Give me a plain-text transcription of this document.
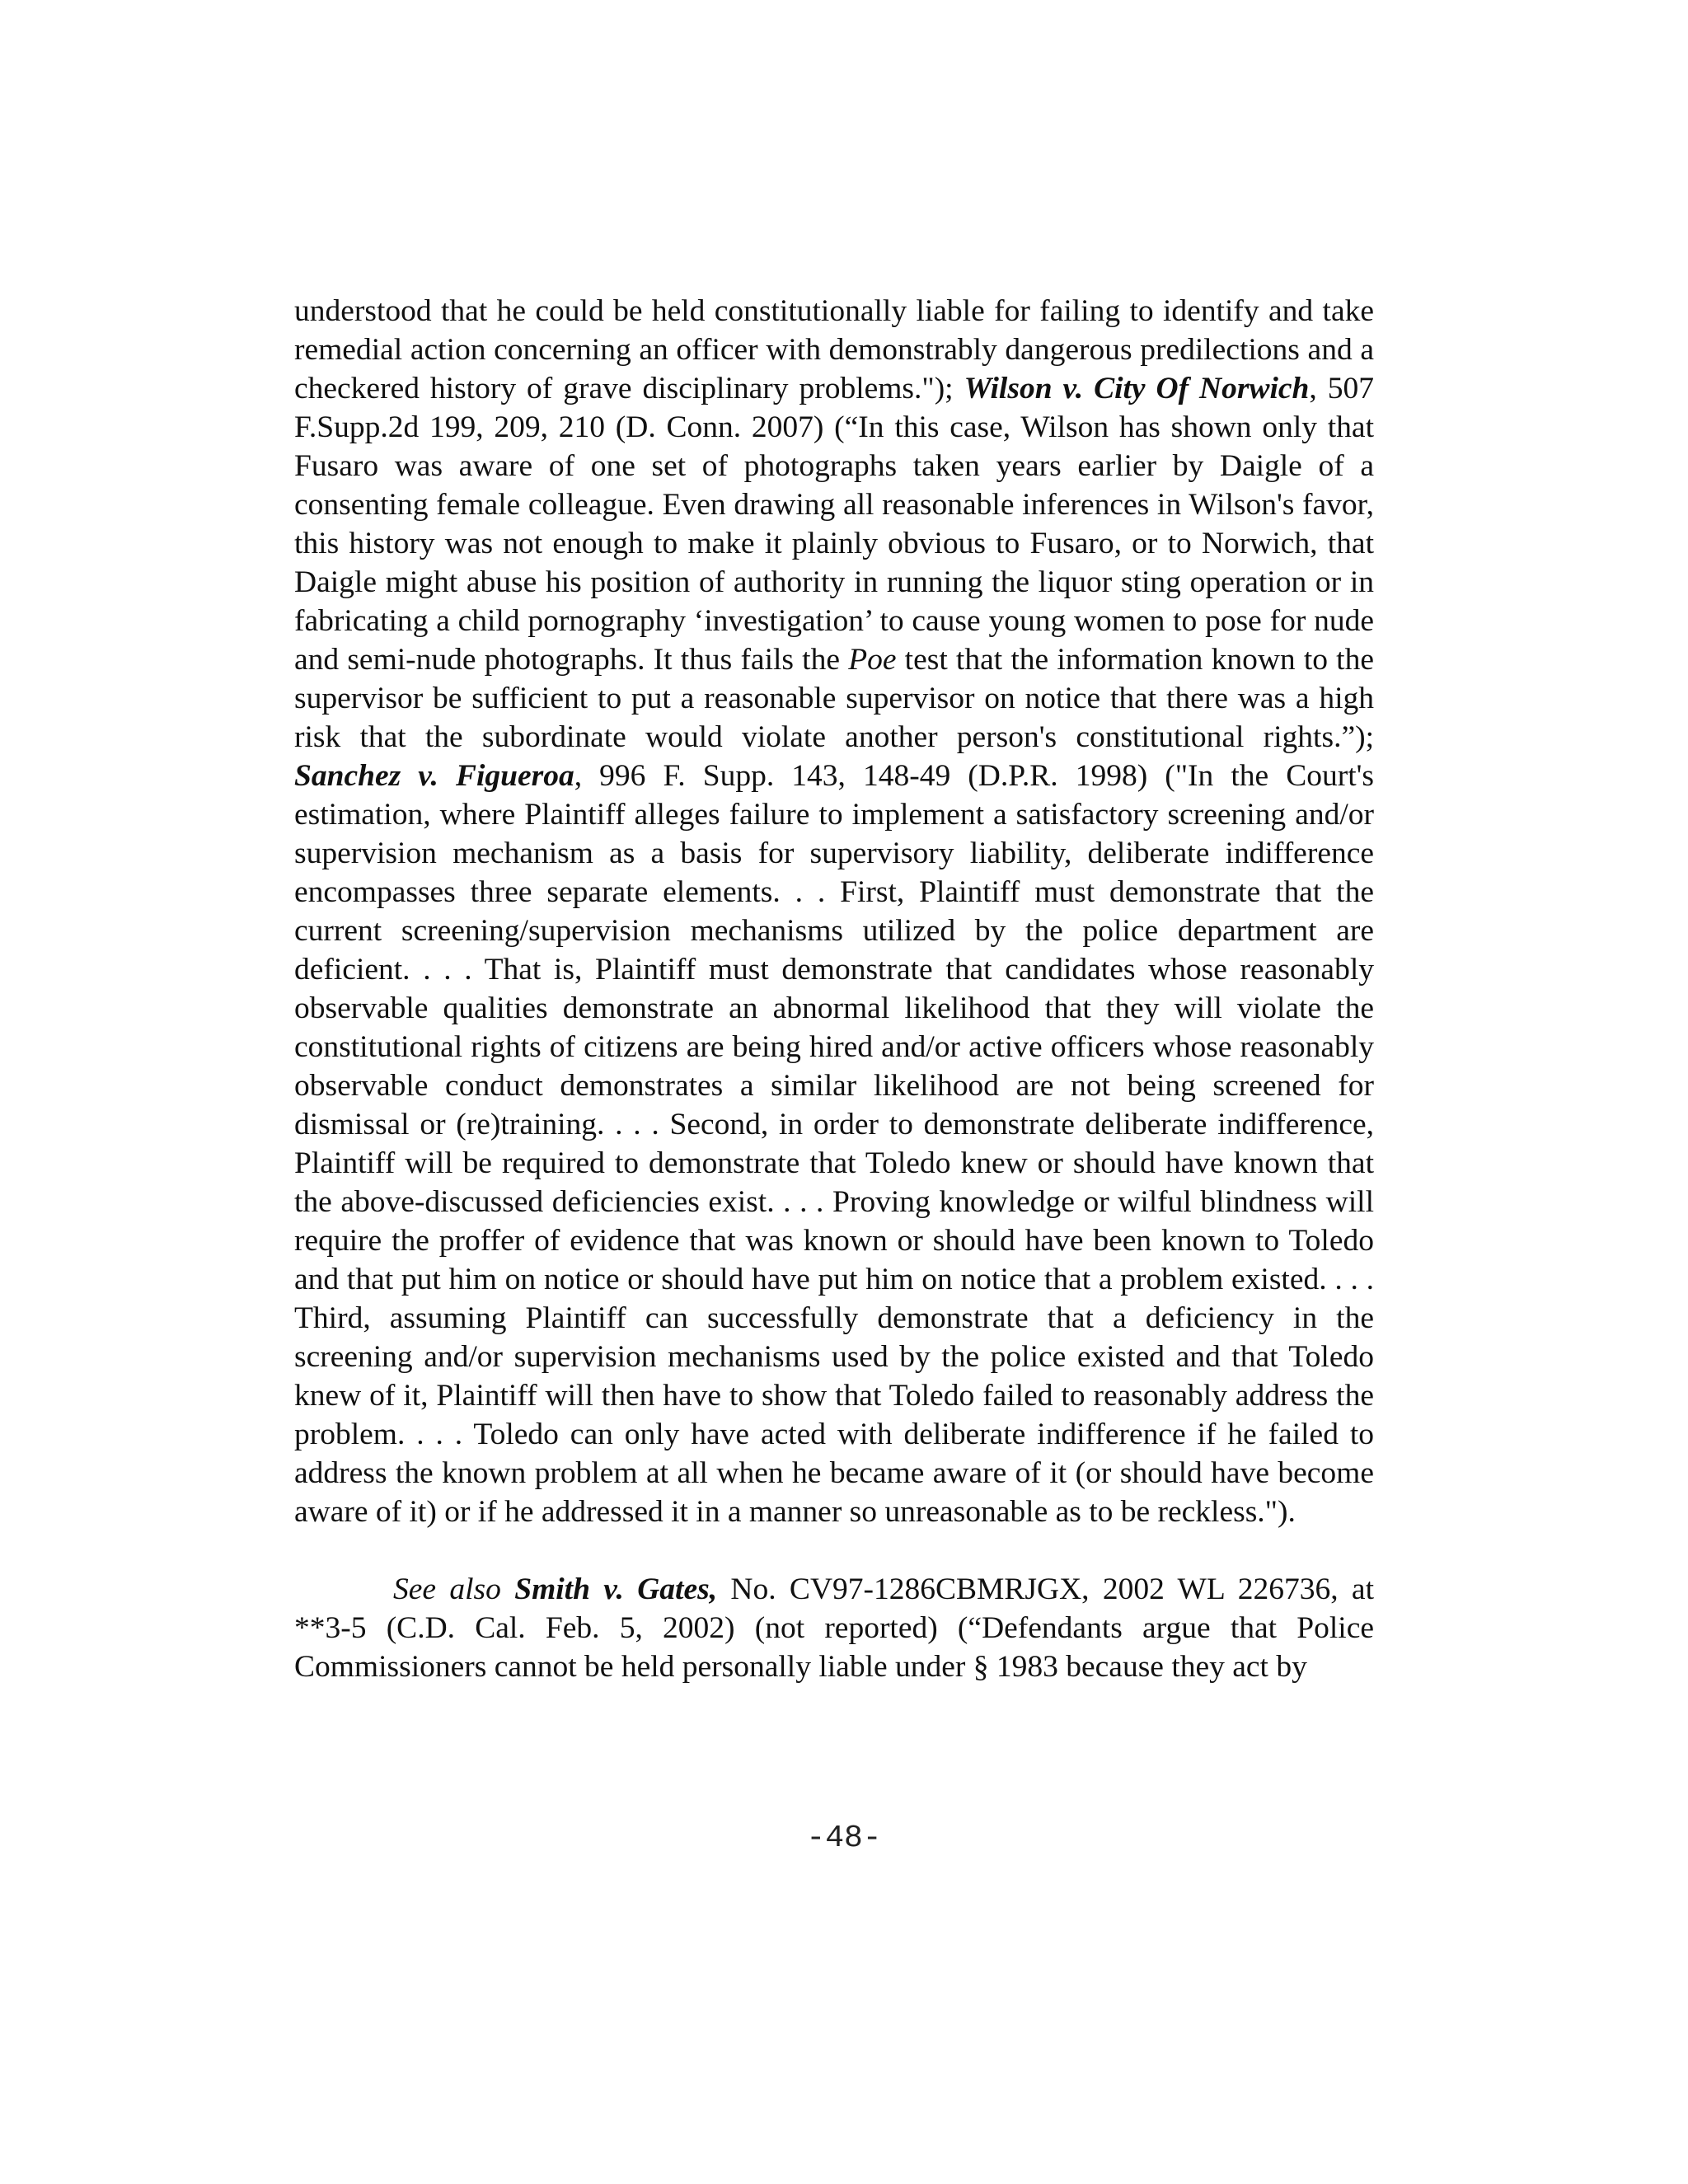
understood that he could be held constitutionally liable for failing to identify and take remedial action concerning an officer with demonstrably dangerous predilections and a checkered history of grave disciplinary problems."); Wilson v. City Of Norwich, 507 F.Supp.2d 199, 209, 210 (D. Conn. 2007) (“In this case, Wilson has shown only that Fusaro was aware of one set of photographs taken years earlier by Daigle of a consenting female colleague. Even drawing all reasonable inferences in Wilson's favor, this history was not enough to make it plainly obvious to Fusaro, or to Norwich, that Daigle might abuse his position of authority in running the liquor sting operation or in fabricating a child pornography ‘investigation’ to cause young women to pose for nude and semi-nude photographs. It thus fails the Poe test that the information known to the supervisor be sufficient to put a reasonable supervisor on notice that there was a high risk that the subordinate would violate another person's constitutional rights.”); Sanchez v. Figueroa, 996 F. Supp. 143, 148-49 (D.P.R. 1998) ("In the Court's estimation, where Plaintiff alleges failure to implement a satisfactory screening and/or supervision mechanism as a basis for supervisory liability, deliberate indifference encompasses three separate elements. . . First, Plaintiff must demonstrate that the current screening/supervision mechanisms utilized by the police department are deficient. . . . That is, Plaintiff must demonstrate that candidates whose reasonably observable qualities demonstrate an abnormal likelihood that they will violate the constitutional rights of citizens are being hired and/or active officers whose reasonably observable conduct demonstrates a similar likelihood are not being screened for dismissal or (re)training. . . . Second, in order to demonstrate deliberate indifference, Plaintiff will be required to demonstrate that Toledo knew or should have known that the above-discussed deficiencies exist. . . . Proving knowledge or wilful blindness will require the proffer of evidence that was known or should have been known to Toledo and that put him on notice or should have put him on notice that a problem existed. . . . Third, assuming Plaintiff can successfully demonstrate that a deficiency in the screening and/or supervision mechanisms used by the police existed and that Toledo knew of it, Plaintiff will then have to show that Toledo failed to reasonably address the problem. . . . Toledo can only have acted with deliberate indifference if he failed to address the known problem at all when he became aware of it (or should have become aware of it) or if he addressed it in a manner so unreasonable as to be reckless.").

See also Smith v. Gates, No. CV97-1286CBMRJGX, 2002 WL 226736, at **3-5 (C.D. Cal. Feb. 5, 2002) (not reported) (“Defendants argue that Police Commissioners cannot be held personally liable under § 1983 because they act by

-48-
